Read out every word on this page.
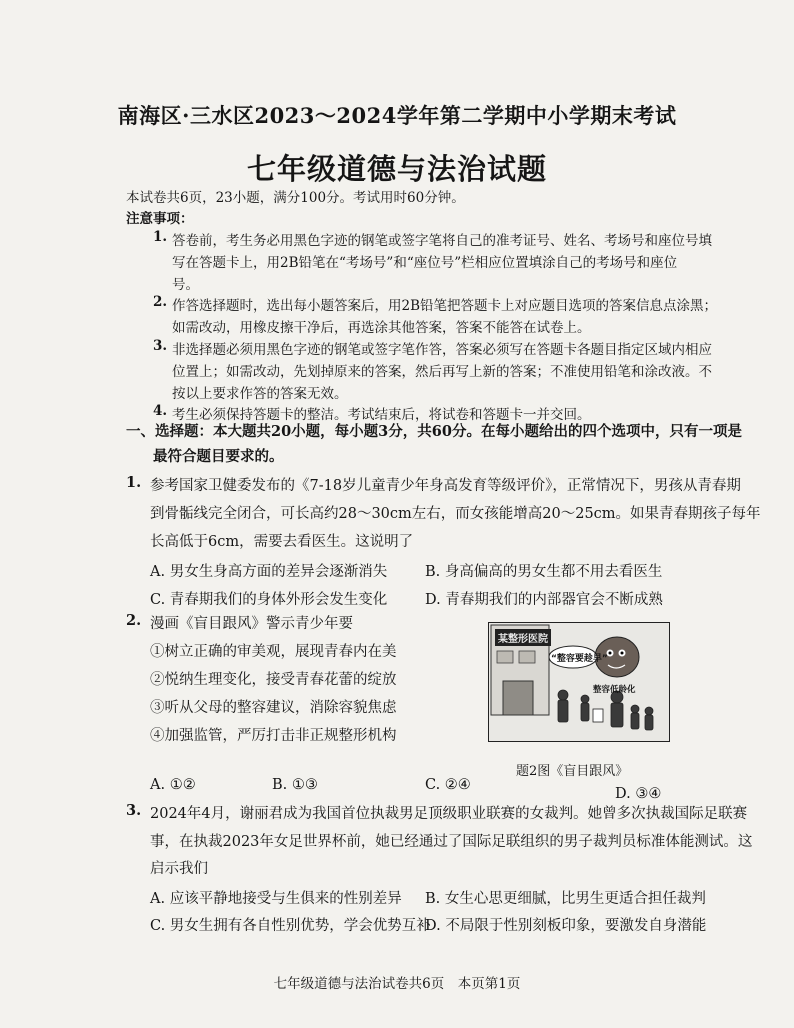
南海区·三水区2023～2024学年第二学期中小学期末考试
七年级道德与法治试题
本试卷共6页，23小题，满分100分。考试用时60分钟。
注意事项：
1. 答卷前，考生务必用黑色字迹的钢笔或签字笔将自己的准考证号、姓名、考场号和座位号填
写在答题卡上，用2B铅笔在“考场号”和“座位号”栏相应位置填涂自己的考场号和座位
号。
2. 作答选择题时，选出每小题答案后，用2B铅笔把答题卡上对应题目选项的答案信息点涂黑；
如需改动，用橡皮擦干净后，再选涂其他答案，答案不能答在试卷上。
3. 非选择题必须用黑色字迹的钢笔或签字笔作答，答案必须写在答题卡各题目指定区域内相应
位置上；如需改动，先划掉原来的答案，然后再写上新的答案；不准使用铅笔和涂改液。不
按以上要求作答的答案无效。
4. 考生必须保持答题卡的整洁。考试结束后，将试卷和答题卡一并交回。
一、选择题：本大题共20小题，每小题3分，共60分。在每小题给出的四个选项中，只有一项是
最符合题目要求的。
1. 参考国家卫健委发布的《7-18岁儿童青少年身高发育等级评价》，正常情况下，男孩从青春期
到骨骺线完全闭合，可长高约28～30cm左右，而女孩能增高20～25cm。如果青春期孩子每年
长高低于6cm，需要去看医生。这说明了
A. 男女生身高方面的差异会逐渐消失	B. 身高偏高的男女生都不用去看医生
C. 青春期我们的身体外形会发生变化	D. 青春期我们的内部器官会不断成熟
2. 漫画《盲目跟风》警示青少年要
①树立正确的审美观，展现青春内在美
②悦纳生理变化，接受青春花蕾的绽放
③听从父母的整容建议，消除容貌焦虑
④加强监管，严厉打击非正规整形机构
某整形医院
“整容要趁早”
整容低龄化
题2图《盲目跟风》
A. ①②	B. ①③	C. ②④
D. ③④
3. 2024年4月，谢丽君成为我国首位执裁男足顶级职业联赛的女裁判。她曾多次执裁国际足联赛
事，在执裁2023年女足世界杯前，她已经通过了国际足联组织的男子裁判员标准体能测试。这
启示我们
A. 应该平静地接受与生俱来的性别差异 B. 女生心思更细腻，比男生更适合担任裁判
C. 男女生拥有各自性别优势，学会优势互补
D. 不局限于性别刻板印象，要激发自身潜能
七年级道德与法治试卷共6页　本页第1页
